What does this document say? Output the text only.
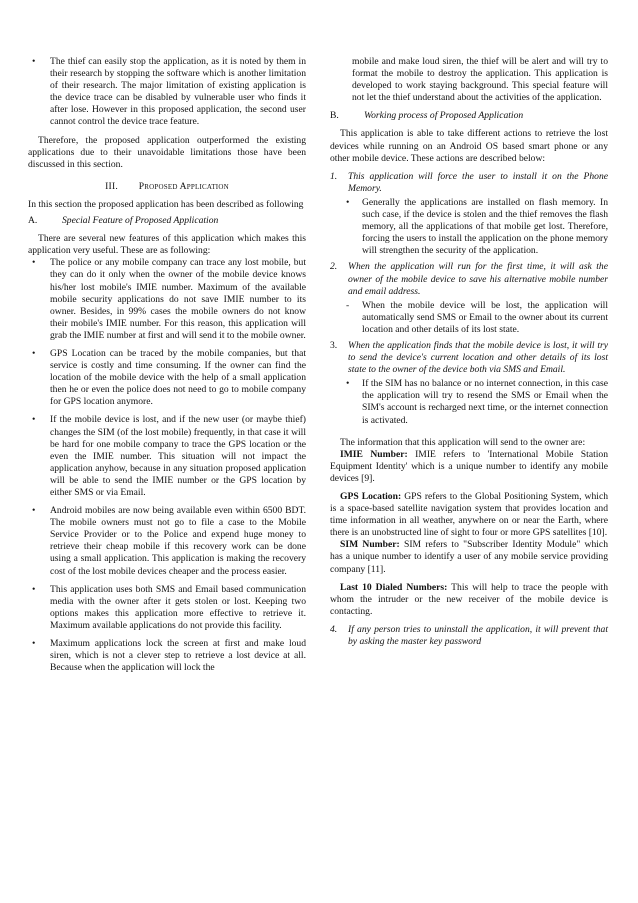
• The thief can easily stop the application, as it is noted by them in their research by stopping the software which is another limitation of their research. The major limitation of existing application is the device trace can be disabled by vulnerable user who finds it after lose. However in this proposed application, the second user cannot control the device trace feature.

Therefore, the proposed application outperformed the existing applications due to their unavoidable limitations those have been discussed in this section.

III. Proposed Application

In this section the proposed application has been described as following

A.	Special Feature of Proposed Application

There are several new features of this application which makes this application very useful. These are as following:

• The police or any mobile company can trace any lost mobile, but they can do it only when the owner of the mobile device knows his/her lost mobile's IMIE number. Maximum of the available mobile security applications do not save IMIE number to its owner. Besides, in 99% cases the mobile owners do not know their mobile's IMIE number. For this reason, this application will grab the IMIE number at first and will send it to the mobile owner.
• GPS Location can be traced by the mobile companies, but that service is costly and time consuming. If the owner can find the location of the mobile device with the help of a small application then he or even the police does not need to go to mobile company for GPS location anymore.
• If the mobile device is lost, and if the new user (or maybe thief) changes the SIM (of the lost mobile) frequently, in that case it will be hard for one mobile company to trace the GPS location or the even the IMIE number. This situation will not impact the application anyhow, because in any situation proposed application will be able to send the IMIE number or the GPS location by either SMS or via Email.
• Android mobiles are now being available even within 6500 BDT. The mobile owners must not go to file a case to the Mobile Service Provider or to the Police and expend huge money to retrieve their cheap mobile if this recovery work can be done using a small application. This application is making the recovery cost of the lost mobile devices cheaper and the process easier.
• This application uses both SMS and Email based communication media with the owner after it gets stolen or lost. Keeping two options makes this application more effective to retrieve it. Maximum available applications do not provide this facility.
• Maximum applications lock the screen at first and make loud siren, which is not a clever step to retrieve a lost device at all. Because when the application will lock the

mobile and make loud siren, the thief will be alert and will try to format the mobile to destroy the application. This application is developed to work staying background. This special feature will not let the thief understand about the activities of the application.

B.	Working process of Proposed Application

This application is able to take different actions to retrieve the lost devices while running on an Android OS based smart phone or any other mobile device. These actions are described below:

1. This application will force the user to install it on the Phone Memory.
• Generally the applications are installed on flash memory. In such case, if the device is stolen and the thief removes the flash memory, all the applications of that mobile get lost. Therefore, forcing the users to install the application on the phone memory will strengthen the security of the application.
2. When the application will run for the first time, it will ask the owner of the mobile device to save his alternative mobile number and email address.
- When the mobile device will be lost, the application will automatically send SMS or Email to the owner about its current location and other details of its lost state.
3. When the application finds that the mobile device is lost, it will try to send the device's current location and other details of its lost state to the owner of the device both via SMS and Email.
• If the SIM has no balance or no internet connection, in this case the application will try to resend the SMS or Email when the SIM's account is recharged next time, or the internet connection is activated.

The information that this application will send to the owner are:

IMIE Number: IMIE refers to 'International Mobile Station Equipment Identity' which is a unique number to identify any mobile devices [9].

GPS Location: GPS refers to the Global Positioning System, which is a space-based satellite navigation system that provides location and time information in all weather, anywhere on or near the Earth, where there is an unobstructed line of sight to four or more GPS satellites [10].

SIM Number: SIM refers to "Subscriber Identity Module" which has a unique number to identify a user of any mobile service providing company [11].

Last 10 Dialed Numbers: This will help to trace the people with whom the intruder or the new receiver of the mobile device is contacting.

4. If any person tries to uninstall the application, it will prevent that by asking the master key password
